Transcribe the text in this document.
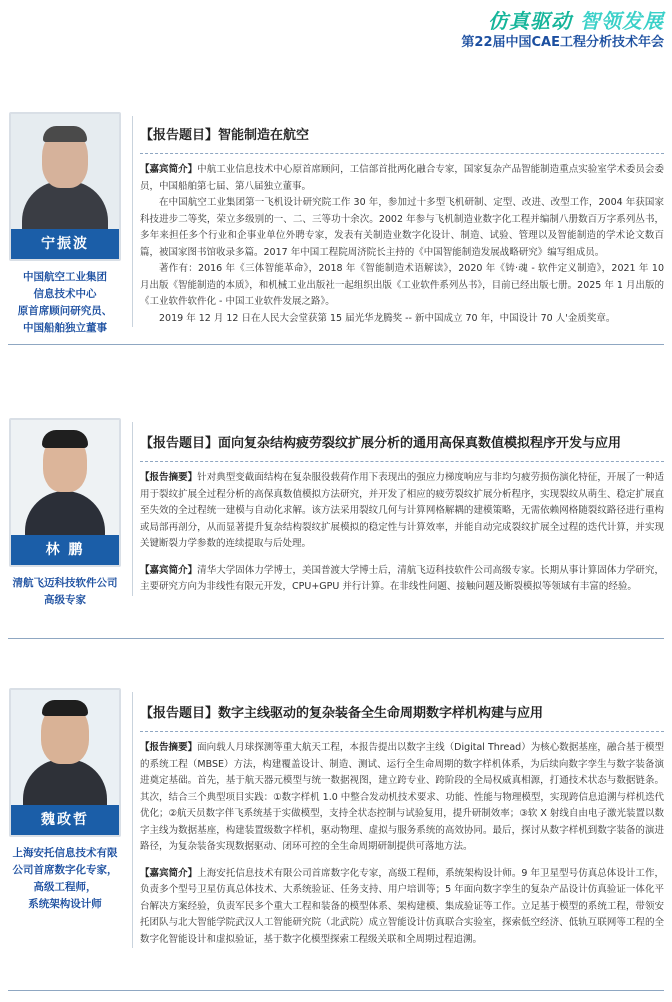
仿真驱动 智领发展
第22届中国CAE工程分析技术年会
宁振波
中国航空工业集团
信息技术中心
原首席顾问研究员、
中国船舶独立董事
【报告题目】智能制造在航空

【嘉宾简介】中航工业信息技术中心原首席顾问，工信部首批两化融合专家，国家复杂产品智能制造重点实验室学术委员会委员，中国船舶第七届、第八届独立董事。

在中国航空工业集团第一飞机设计研究院工作 30 年，参加过十多型飞机研制、定型、改进、改型工作，2004 年获国家科技进步二等奖，荣立多级别的一、二、三等功十余次。2002 年参与飞机制造业数字化工程并编制八册数百万字系列丛书，多年来担任多个行业和企事业单位外聘专家，发表有关制造业数字化设计、制造、试验、管理以及智能制造的学术论文数百篇，被国家图书馆收录多篇。2017 年中国工程院周济院长主持的《中国智能制造发展战略研究》编写组成员。

著作有：2016 年《三体智能革命》，2018 年《智能制造术语解读》，2020 年《铸·魂 - 软件定义制造》，2021 年 10 月出版《智能制造的本质》，和机械工业出版社一起组织出版《工业软件系列丛书》，目前已经出版七册。2025 年 1 月出版的《工业软件软件化 - 中国工业软件发展之路》。

2019 年 12 月 12 日在人民大会堂获第 15 届光华龙腾奖 -- 新中国成立 70 年，中国设计 70 人'金质奖章。

林 鹏
清航飞迈科技软件公司
高级专家
【报告题目】面向复杂结构疲劳裂纹扩展分析的通用高保真数值模拟程序开发与应用

【报告摘要】针对典型变截面结构在复杂服役载荷作用下表现出的强应力梯度响应与非均匀疲劳损伤演化特征，开展了一种适用于裂纹扩展全过程分析的高保真数值模拟方法研究，并开发了相应的疲劳裂纹扩展分析程序，实现裂纹从萌生、稳定扩展直至失效的全过程统一建模与自动化求解。该方法采用裂纹几何与计算网格解耦的建模策略，无需依赖网格随裂纹路径进行重构或局部再剖分，从而显著提升复杂结构裂纹扩展模拟的稳定性与计算效率，并能自动完成裂纹扩展全过程的迭代计算，并实现关键断裂力学参数的连续提取与后处理。

【嘉宾简介】清华大学固体力学博士，美国普渡大学博士后，清航飞迈科技软件公司高级专家。长期从事计算固体力学研究，主要研究方向为非线性有限元开发，CPU+GPU 并行计算。在非线性问题、接触问题及断裂模拟等领域有丰富的经验。

魏政哲
上海安托信息技术有限
公司首席数字化专家，
高级工程师，
系统架构设计师
【报告题目】数字主线驱动的复杂装备全生命周期数字样机构建与应用

【报告摘要】面向载人月球探测等重大航天工程，本报告提出以数字主线（Digital Thread）为核心数据基座，融合基于模型的系统工程（MBSE）方法，构建覆盖设计、制造、测试、运行全生命周期的数字样机体系，为后续向数字孪生与数字装备演进奠定基础。首先，基于航天器元模型与统一数据视图，建立跨专业、跨阶段的全局权威真相源，打通技术状态与数据链条。其次，结合三个典型项目实践：①数字样机 1.0 中整合发动机技术要求、功能、性能与物理模型，实现跨信息追溯与样机迭代优化；②航天员数字伴飞系统基于实做模型，支持全状态控制与试验复用，提升研制效率；③软 X 射线自由电子激光装置以数字主线为数据基座，构建装置级数字样机，驱动物理、虚拟与服务系统的高效协同。最后，探讨从数字样机到数字装备的演进路径，为复杂装备实现数据驱动、闭环可控的全生命周期研制提供可落地方法。

【嘉宾简介】上海安托信息技术有限公司首席数字化专家，高级工程师，系统架构设计师。9 年卫星型号仿真总体设计工作，负责多个型号卫星仿真总体技术、大系统验证、任务支持、用户培训等；5 年面向数字孪生的复杂产品设计仿真验证一体化平台解决方案经验，负责军民多个重大工程和装备的模型体系、架构建模、集成验证等工作。立足基于模型的系统工程，带领安托团队与北大智能学院武汉人工智能研究院（北武院）成立智能设计仿真联合实验室，探索低空经济、低轨互联网等工程的全数字化智能设计和虚拟验证，基于数字化模型探索工程级关联和全周期过程追溯。
